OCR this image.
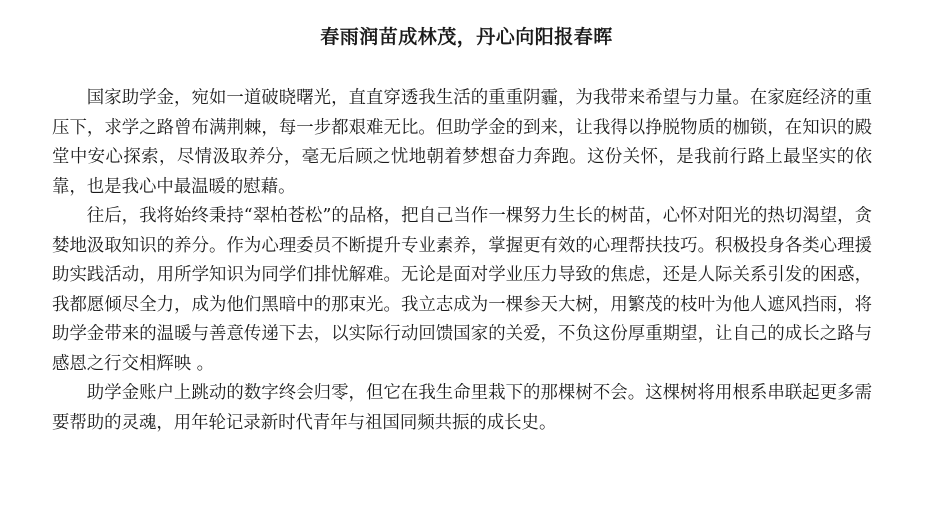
春雨润苗成林茂，丹心向阳报春晖

国家助学金，宛如一道破晓曙光，直直穿透我生活的重重阴霾，为我带来希望与力量。在家庭经济的重压下，求学之路曾布满荆棘，每一步都艰难无比。但助学金的到来，让我得以挣脱物质的枷锁，在知识的殿堂中安心探索，尽情汲取养分，毫无后顾之忧地朝着梦想奋力奔跑。这份关怀，是我前行路上最坚实的依靠，也是我心中最温暖的慰藉。

往后，我将始终秉持“翠柏苍松”的品格，把自己当作一棵努力生长的树苗，心怀对阳光的热切渴望，贪婪地汲取知识的养分。作为心理委员不断提升专业素养，掌握更有效的心理帮扶技巧。积极投身各类心理援助实践活动，用所学知识为同学们排忧解难。无论是面对学业压力导致的焦虑，还是人际关系引发的困惑，我都愿倾尽全力，成为他们黑暗中的那束光。我立志成为一棵参天大树，用繁茂的枝叶为他人遮风挡雨，将助学金带来的温暖与善意传递下去，以实际行动回馈国家的关爱，不负这份厚重期望，让自己的成长之路与感恩之行交相辉映 。

助学金账户上跳动的数字终会归零，但它在我生命里栽下的那棵树不会。这棵树将用根系串联起更多需要帮助的灵魂，用年轮记录新时代青年与祖国同频共振的成长史。
